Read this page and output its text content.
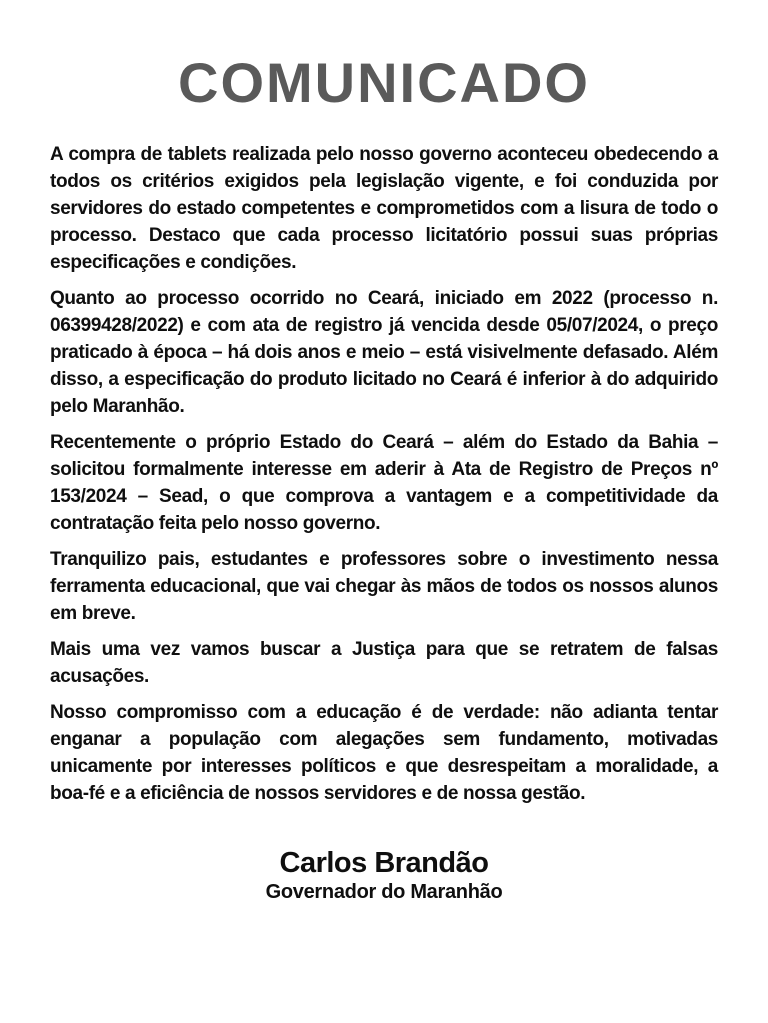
COMUNICADO

A compra de tablets realizada pelo nosso governo aconteceu obedecendo a todos os critérios exigidos pela legislação vigente, e foi conduzida por servidores do estado competentes e comprometidos com a lisura de todo o processo. Destaco que cada processo licitatório possui suas próprias especificações e condições.

Quanto ao processo ocorrido no Ceará, iniciado em 2022 (processo n. 06399428/2022) e com ata de registro já vencida desde 05/07/2024, o preço praticado à época – há dois anos e meio – está visivelmente defasado. Além disso, a especificação do produto licitado no Ceará é inferior à do adquirido pelo Maranhão.

Recentemente o próprio Estado do Ceará – além do Estado da Bahia – solicitou formalmente interesse em aderir à Ata de Registro de Preços nº 153/2024 – Sead, o que comprova a vantagem e a competitividade da contratação feita pelo nosso governo.

Tranquilizo pais, estudantes e professores sobre o investimento nessa ferramenta educacional, que vai chegar às mãos de todos os nossos alunos em breve.

Mais uma vez vamos buscar a Justiça para que se retratem de falsas acusações.

Nosso compromisso com a educação é de verdade: não adianta tentar enganar a população com alegações sem fundamento, motivadas unicamente por interesses políticos e que desrespeitam a moralidade, a boa-fé e a eficiência de nossos servidores e de nossa gestão.

Carlos Brandão
Governador do Maranhão
